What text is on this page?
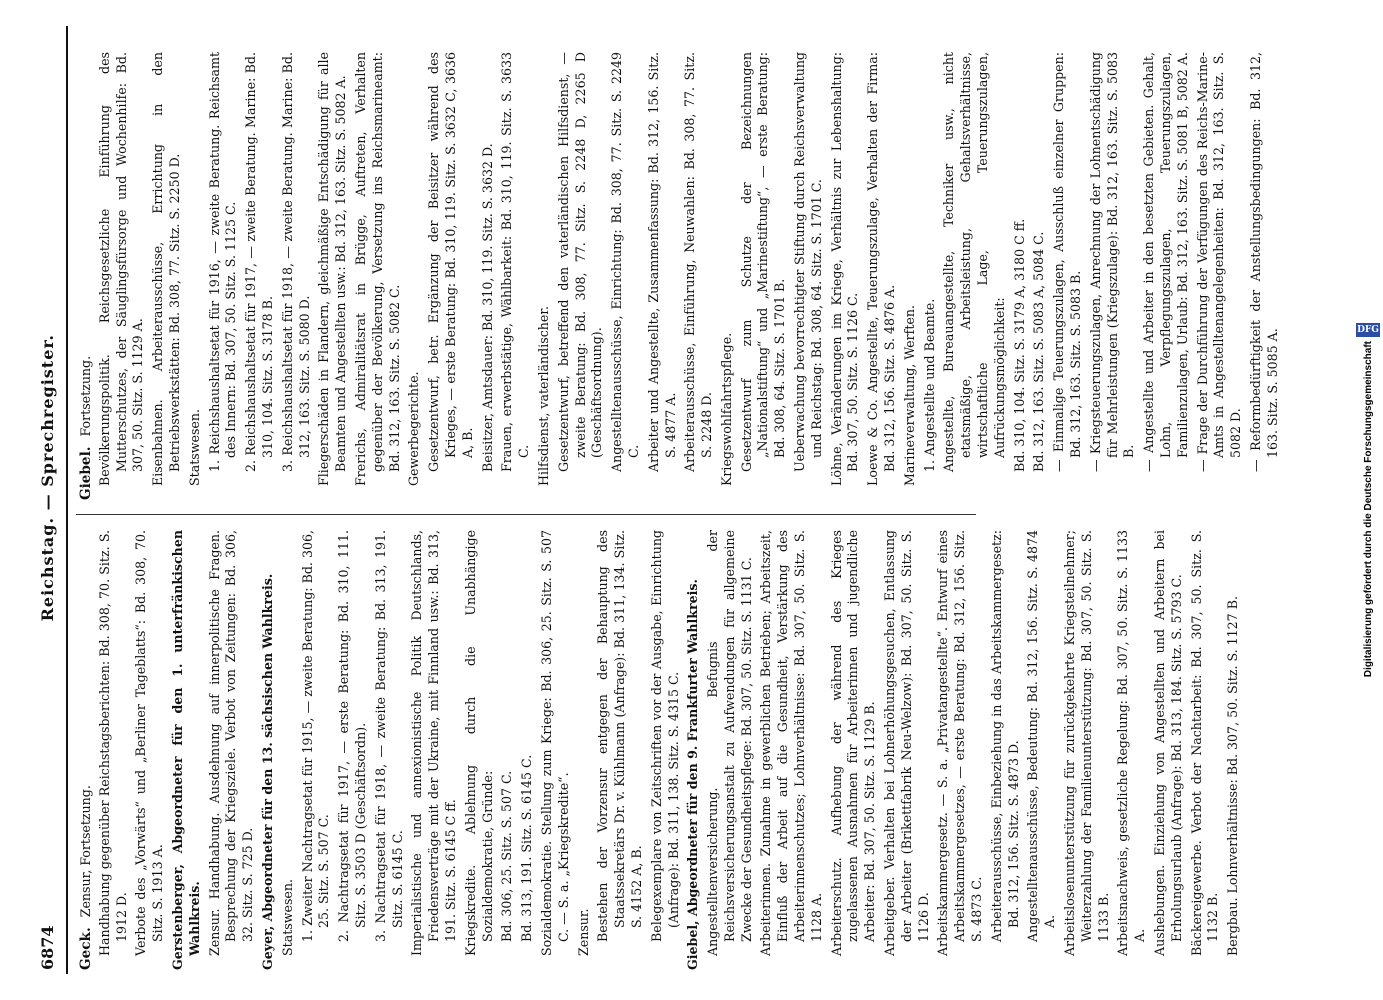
6874
Reichstag. — Sprechregister.
Geck. Zensur, Fortsetzung. Handhabung gegenüber Reichstagsberichten: Bd. 308, 70. Sitz. S. 1912 D. Verbote des „Vorwärts“ und „Berliner Tageblatts“: Bd. 308, 70. Sitz. S. 1913 A. Gerstenberger, Abgeordneter für den 1. unterfränkischen Wahlkreis. Zensur. Handhabung. Ausdehnung auf innerpolitische Fragen. Besprechung der Kriegsziele. Verbot von Zeitungen: Bd. 306, 32. Sitz. S. 725 D. Geyer, Abgeordneter für den 13. sächsischen Wahlkreis. Statswesen. 1. Zweiter Nachtragsetat für 1915, — zweite Beratung: Bd. 306, 25. Sitz. S. 507 C. 2. Nachtragsetat für 1917, — erste Beratung: Bd. 310, 111. Sitz. S. 3503 D (Geschäftsordn). 3. Nachtragsetat für 1918, — zweite Beratung: Bd. 313, 191. Sitz. S. 6145 C. Imperialistische und annexionistische Politik Deutschlands, Friedensverträge mit der Ukraine, mit Finnland usw.: Bd. 313, 191. Sitz. S. 6145 C ff. Kriegskredite. Ablehnung durch die Unabhängige Sozialdemokratie, Gründe: Bd. 306, 25. Sitz. S. 507 C. Bd. 313, 191. Sitz. S. 6145 C. Sozialdemokratie. Stellung zum Kriege: Bd. 306, 25. Sitz. S. 507 C. — S. a. „Kriegskredite“. Zensur. Bestehen der Vorzensur entgegen der Behauptung des Staatssekretärs Dr. v. Kühlmann (Anfrage): Bd. 311, 134. Sitz. S. 4152 A, B. Belegexemplare von Zeitschriften vor der Ausgabe, Einrichtung (Anfrage): Bd. 311, 138. Sitz. S. 4315 C. Giebel, Abgeordneter für den 9. Frankfurter Wahlkreis. Angestelltenversicherung. Befugnis der Reichsversicherungsanstalt zu Aufwendungen für allgemeine Zwecke der Gesundheitspflege: Bd. 307, 50. Sitz. S. 1131 C. Arbeiterinnen. Zunahme in gewerblichen Betrieben; Arbeitszeit, Einfluß der Arbeit auf die Gesundheit, Verstärkung des Arbeiterinnenschutzes; Lohnverhältnisse: Bd. 307, 50. Sitz. S. 1128 A. Arbeiterschutz. Aufhebung der während des Krieges zugelassenen Ausnahmen für Arbeiterinnen und jugendliche Arbeiter: Bd. 307, 50. Sitz. S. 1129 B. Arbeitgeber. Verhalten bei Lohnerhöhungsgesuchen, Entlassung der Arbeiter (Brikettfabrik Neu-Welzow): Bd. 307, 50. Sitz. S. 1126 D. Arbeitskammergesetz. — S. a. „Privatangestellte“. Entwurf eines Arbeitskammergesetzes, — erste Beratung: Bd. 312, 156. Sitz. S. 4873 C. Arbeiterausschüsse, Einbeziehung in das Arbeitskammergesetz: Bd. 312, 156. Sitz. S. 4873 D. Angestelltenausschüsse, Bedeutung: Bd. 312, 156. Sitz. S. 4874 A. Arbeitslosenunterstützung für zurückgekehrte Kriegsteilnehmer; Weiterzahlung der Familienunterstützung: Bd. 307, 50. Sitz. S. 1133 B. Arbeitsnachweis, gesetzliche Regelung: Bd. 307, 50. Sitz. S. 1133 A. Aushebungen. Einziehung von Angestellten und Arbeitern bei Erholungsurlaub (Anfrage): Bd. 313, 184. Sitz. S. 5793 C. Bäckereigewerbe. Verbot der Nachtarbeit: Bd. 307, 50. Sitz. S. 1132 B. Bergbau. Lohnverhältnisse: Bd. 307, 50. Sitz. S. 1127 B.
Giebel. Fortsetzung. Bevölkerungspolitik. Reichsgesetzliche Einführung des Mutterschutzes, der Säuglingsfürsorge und Wochenhilfe: Bd. 307, 50. Sitz. S. 1129 A. Eisenbahnen. Arbeiterausschüsse, Errichtung in den Betriebswerkstätten: Bd. 308, 77. Sitz. S. 2250 D. Statswesen. 1. Reichshaushaltsetat für 1916, — zweite Beratung. Reichsamt des Innern: Bd. 307, 50. Sitz. S. 1125 C. 2. Reichshaushaltsetat für 1917, — zweite Beratung. Marine: Bd. 310, 104. Sitz. S. 3178 B. 3. Reichshaushaltsetat für 1918, — zweite Beratung. Marine: Bd. 312, 163. Sitz. S. 5080 D. Fliegerschäden in Flandern, gleichmäßige Entschädigung für alle Beamten und Angestellten usw.: Bd. 312, 163. Sitz. S. 5082 A. Frerichs, Admiralitätsrat in Brügge, Auftreten, Verhalten gegenüber der Bevölkerung, Versetzung ins Reichsmarineamt: Bd. 312, 163. Sitz. S. 5082 C. Gewerbegerichte. Gesetzentwurf, betr. Ergänzung der Beisitzer während des Krieges, — erste Beratung: Bd. 310, 119. Sitz. S. 3632 C, 3636 A, B. Beisitzer, Amtsdauer: Bd. 310, 119. Sitz. S. 3632 D. Frauen, erwerbstätige, Wählbarkeit: Bd. 310, 119. Sitz. S. 3633 C. Hilfsdienst, vaterländischer. Gesetzentwurf, betreffend den vaterländischen Hilfsdienst, — zweite Beratung: Bd. 308, 77. Sitz. S. 2248 D, 2265 D (Geschäftsordnung). Angestelltenausschüsse, Einrichtung: Bd. 308, 77. Sitz. S. 2249 C. Arbeiter und Angestellte, Zusammenfassung: Bd. 312, 156. Sitz. S. 4877 A. Arbeiterausschüsse, Einführung, Neuwahlen: Bd. 308, 77. Sitz. S. 2248 D. Kriegswohlfahrtspflege. Gesetzentwurf zum Schutze der Bezeichnungen „Nationalstiftung“ und „Marinestiftung“, — erste Beratung: Bd. 308, 64. Sitz. S. 1701 B. Ueberwachung bevorrechtigter Stiftung durch Reichsverwaltung und Reichstag: Bd. 308, 64. Sitz. S. 1701 C. Löhne, Veränderungen im Kriege, Verhältnis zur Lebenshaltung: Bd. 307, 50. Sitz. S. 1126 C. Loewe & Co. Angestellte, Teuerungszulage, Verhalten der Firma: Bd. 312, 156. Sitz. S. 4876 A. Marineverwaltung, Werften. 1. Angestellte und Beamte. Angestellte, Bureauangestellte, Techniker usw., nicht etatsmäßige, Arbeitsleistung, Gehaltsverhältnisse, wirtschaftliche Lage, Teuerungszulagen, Aufrückungsmöglichkeit: Bd. 310, 104. Sitz. S. 3179 A, 3180 C ff. Bd. 312, 163. Sitz. S. 5083 A, 5084 C. — Einmalige Teuerungszulagen, Ausschluß einzelner Gruppen: Bd. 312, 163. Sitz. S. 5083 B. — Kriegsteuerungszulagen, Anrechnung der Lohnentschädigung für Mehrleistungen (Kriegszulage): Bd. 312, 163. Sitz. S. 5083 B. — Angestellte und Arbeiter in den besetzten Gebieten. Gehalt, Lohn, Verpflegungszulagen, Teuerungszulagen, Familienzulagen, Urlaub: Bd. 312, 163. Sitz. S. 5081 B, 5082 A. — Frage der Durchführung der Verfügungen des Reichs-Marine-Amts in Angestelltenangelegenheiten: Bd. 312, 163. Sitz. S. 5082 D. — Reformbedürftigkeit der Anstellungsbedingungen: Bd. 312, 163. Sitz. S. 5085 A.	DFG
Digitalisierung gefördert durch die Deutsche Forschungsgemeinschaft
